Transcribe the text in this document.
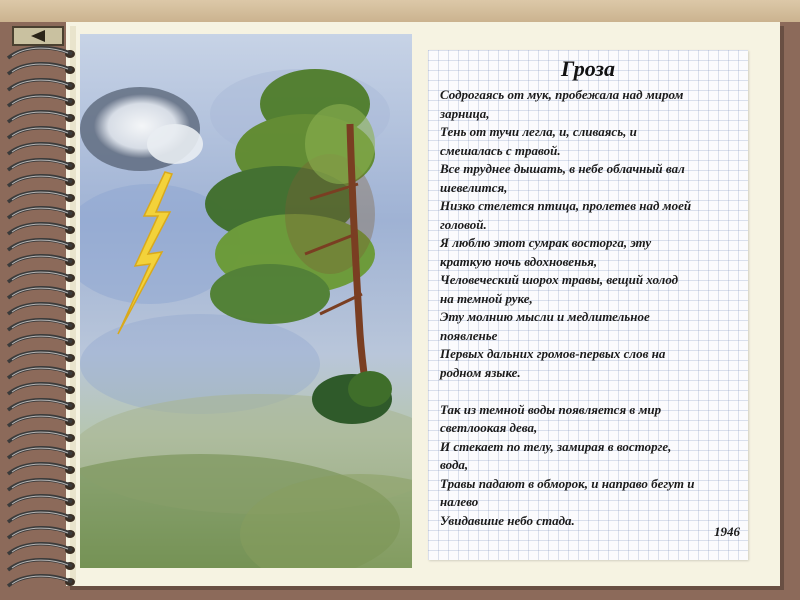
Гроза
Содрогаясь от мук, пробежала над миром
зарница,
Тень от тучи легла, и, сливаясь, и
смешалась с травой.
Все труднее дышать, в небе облачный вал
шевелится,
Низко стелется птица, пролетев над моей
головой.
Я люблю этот сумрак восторга, эту
краткую ночь вдохновенья,
Человеческий шорох травы, вещий холод
на темной руке,
Эту молнию мысли и медлительное
появленье
Первых дальних громов-первых слов на
родном языке.
Так из темной воды появляется в мир
светлоокая дева,
И стекает по телу, замирая в восторге,
вода,
Травы падают в обморок, и направо бегут и
налево
Увидавшие небо стада.
1946
